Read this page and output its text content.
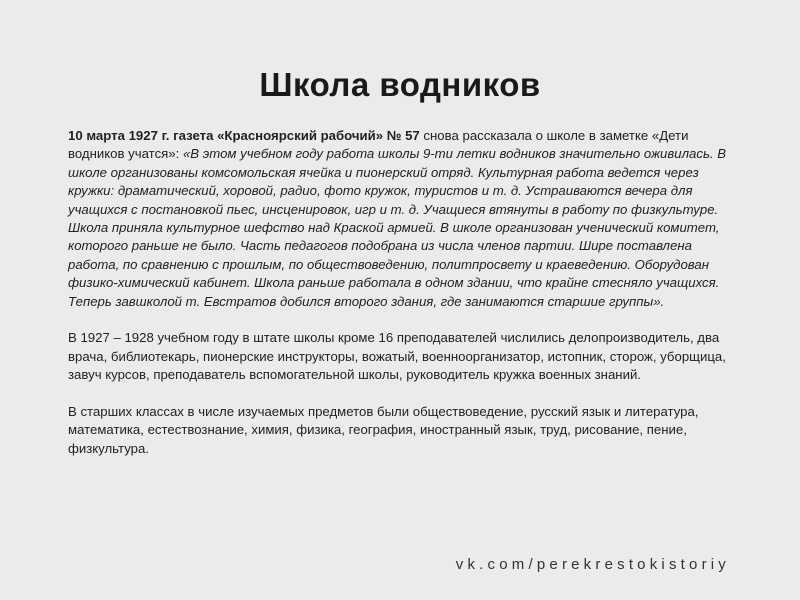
Школа водников

10 марта 1927 г. газета «Красноярский рабочий» № 57 снова рассказала о школе в заметке «Дети водников учатся»: «В этом учебном году работа школы 9-ти летки водников значительно оживилась. В школе организованы комсомольская ячейка и пионерский отряд. Культурная работа ведется через кружки: драматический, хоровой, радио, фото кружок, туристов и т. д. Устраиваются вечера для учащихся с постановкой пьес, инсценировок, игр и т. д. Учащиеся втянуты в работу по физкультуре. Школа приняла культурное шефство над Краской армией. В школе организован ученический комитет, которого раньше не было. Часть педагогов подобрана из числа членов партии. Шире поставлена работа, по сравнению с прошлым, по обществоведению, политпросвету и краеведению. Оборудован физико-химический кабинет. Школа раньше работала в одном здании, что крайне стесняло учащихся. Теперь завшколой т. Евстратов добился второго здания, где занимаются старшие группы».

В 1927 – 1928 учебном году в штате школы кроме 16 преподавателей числились делопроизводитель, два врача, библиотекарь, пионерские инструкторы, вожатый, военноорганизатор, истопник, сторож, уборщица, завуч курсов, преподаватель вспомогательной школы, руководитель кружка военных знаний.

В старших классах в числе изучаемых предметов были обществоведение, русский язык и литература, математика, естествознание, химия, физика, география, иностранный язык, труд, рисование, пение, физкультура.

vk.com/perekrestokistoriy
